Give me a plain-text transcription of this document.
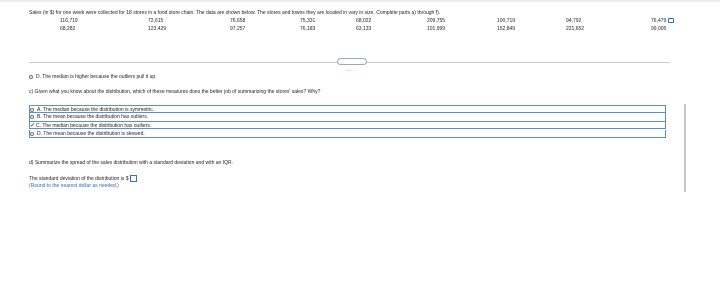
Sales (in $) for one week were collected for 18 stores in a food store chain. The data are shown below. The stores and towns they are located in vary in size. Complete parts a) through f).
116,719	72,615	76,658	75,331	68,022	209,755	100,719	94,792	76,479
68,282	123,429	97,257	76,183	63,133	101,999	152,849	221,652	99,005
·····
D. The median is higher because the outliers pull it up.
c) Given what you know about the distribution, which of these measures does the better job of summarizing the stores' sales? Why?
A. The median because the distribution is symmetric.
B. The mean because the distribution has outliers.
✔C. The median because the distribution has outliers.
D. The mean because the distribution is skewed.
d) Summarize the spread of the sales distribution with a standard deviation and with an IQR.
The standard deviation of the distribution is $
(Round to the nearest dollar as needed.)
